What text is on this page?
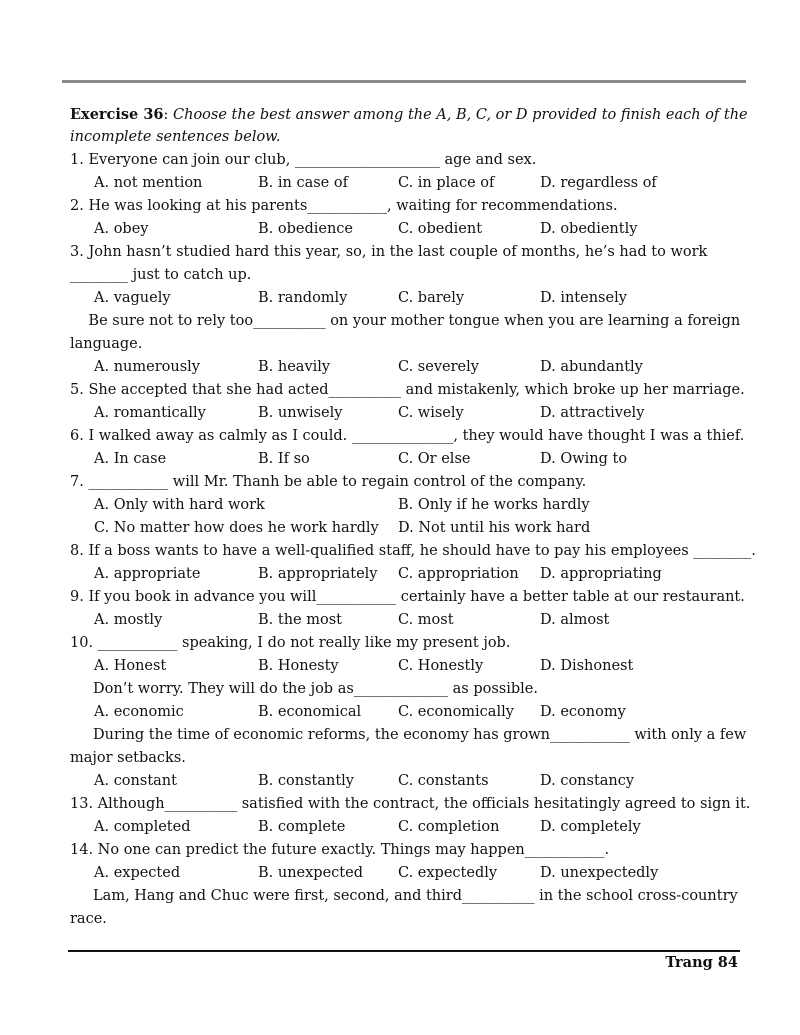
Exercise 36: Choose the best answer among the A, B, C, or D provided to finish each of the
incomplete sentences below.
1. Everyone can join our club, ____________________ age and sex.
A. not mention	B. in case of	C. in place of	D. regardless of
2. He was looking at his parents___________, waiting for recommendations.
A. obey	B. obedience	C. obedient	D. obediently
3. John hasn’t studied hard this year, so, in the last couple of months, he’s had to work
________ just to catch up.
A. vaguely	B. randomly	C. barely	D. intensely
Be sure not to rely too__________ on your mother tongue when you are learning a foreign
language.
A. numerously	B. heavily	C. severely	D. abundantly
5. She accepted that she had acted__________ and mistakenly, which broke up her marriage.
A. romantically	B. unwisely	C. wisely	D. attractively
6. I walked away as calmly as I could. ______________, they would have thought I was a thief.
A. In case	B. If so	C. Or else	D. Owing to
7. ___________ will Mr. Thanh be able to regain control of the company.
A. Only with hard work	B. Only if he works hardly
C. No matter how does he work hardly D. Not until his work hard
8. If a boss wants to have a well-qualified staff, he should have to pay his employees ________.
A. appropriate	B. appropriately C. appropriation D. appropriating
9. If you book in advance you will___________ certainly have a better table at our restaurant.
A. mostly	B. the most	C. most	D. almost
10. ___________ speaking, I do not really like my present job.
A. Honest	B. Honesty	C. Honestly	D. Dishonest
Don’t worry. They will do the job as_____________ as possible.
A. economic	B. economical	C. economically D. economy
During the time of economic reforms, the economy has grown___________ with only a few
major setbacks.
A. constant	B. constantly	C. constants	D. constancy
13. Although__________ satisfied with the contract, the officials hesitatingly agreed to sign it.
A. completed	B. complete	C. completion	D. completely
14. No one can predict the future exactly. Things may happen___________.
A. expected	B. unexpected C. expectedly	D. unexpectedly
Lam, Hang and Chuc were first, second, and third__________ in the school cross-country
race.
Trang 84
